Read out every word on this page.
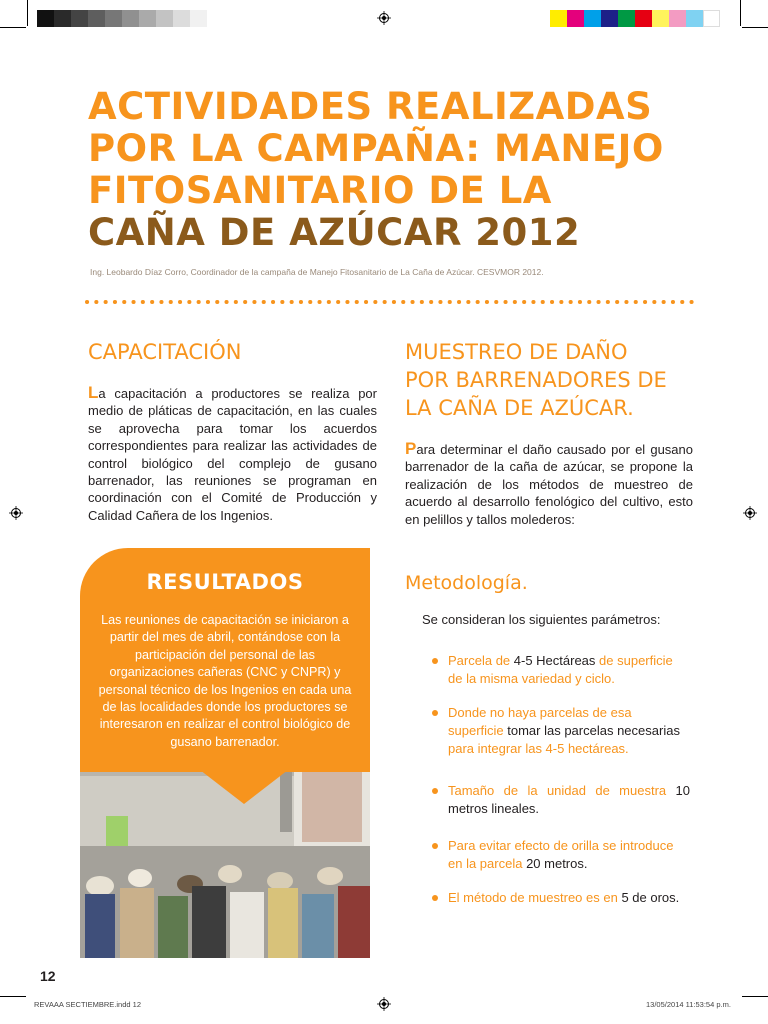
ACTIVIDADES REALIZADAS
POR LA CAMPAÑA: MANEJO
FITOSANITARIO DE LA
CAÑA DE AZÚCAR 2012
Ing. Leobardo Díaz Corro, Coordinador de la campaña de Manejo Fitosanitario de La Caña de Azúcar. CESVMOR 2012.
CAPACITACIÓN

La capacitación a productores se realiza por medio de pláticas de capacitación, en las cuales se aprovecha para tomar los acuerdos correspondientes para realizar las actividades de control biológico del complejo de gusano barrenador, las reuniones se programan en coordinación con el Comité de Producción y Calidad Cañera de los Ingenios.

RESULTADOS
Las reuniones de capacitación se iniciaron a partir del mes de abril, contándose con la participación del personal de las organizaciones cañeras (CNC y CNPR) y personal técnico de los Ingenios en cada una de las localidades donde los productores se interesaron en realizar el control biológico de gusano barrenador.
MUESTREO DE DAÑO
POR BARRENADORES DE
LA CAÑA DE AZÚCAR.

Para determinar el daño causado por el gusano barrenador de la caña de azúcar, se propone la realización de los métodos de muestreo de acuerdo al desarrollo fenológico del cultivo, esto en pelillos y tallos molederos:

Metodología.
Se consideran los siguientes parámetros:
Parcela de 4-5 Hectáreas de superficie de la misma variedad y ciclo.
Donde no haya parcelas de esa superficie tomar las parcelas necesarias para integrar las 4-5 hectáreas.
Tamaño de la unidad de muestra 10 metros lineales.
Para evitar efecto de orilla se introduce en la parcela 20 metros.
El método de muestreo es en 5 de oros.
12
REVAAA SECTIEMBRE.indd 12	13/05/2014 11:53:54 p.m.
